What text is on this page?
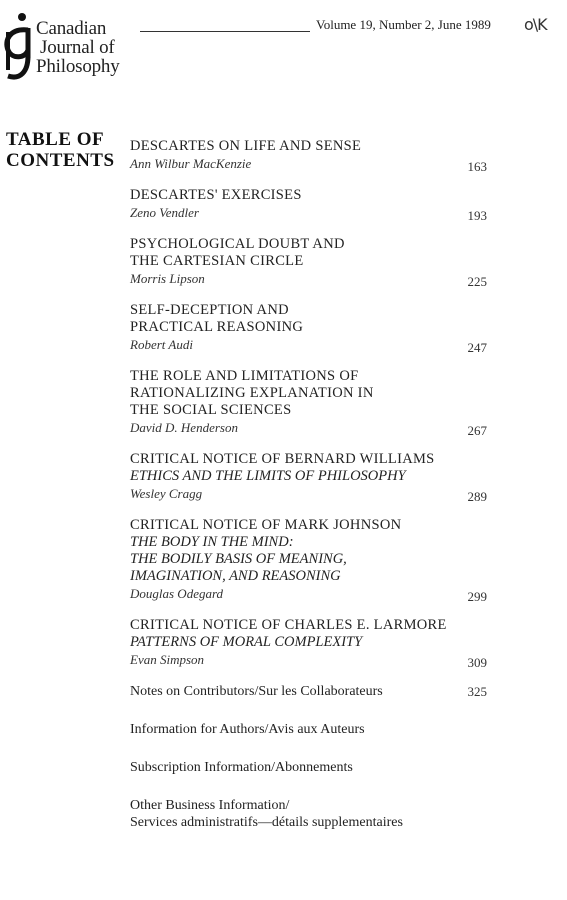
Canadian
Journal of
Philosophy
Volume 19, Number 2, June 1989 o\K
TABLE OF
CONTENTS
DESCARTES ON LIFE AND SENSE
Ann Wilbur MacKenzie	163
DESCARTES' EXERCISES
Zeno Vendler	193
PSYCHOLOGICAL DOUBT AND
THE CARTESIAN CIRCLE
Morris Lipson	225
SELF-DECEPTION AND
PRACTICAL REASONING
Robert Audi	247
THE ROLE AND LIMITATIONS OF
RATIONALIZING EXPLANATION IN
THE SOCIAL SCIENCES
David D. Henderson	267
CRITICAL NOTICE OF BERNARD WILLIAMS
ETHICS AND THE LIMITS OF PHILOSOPHY
Wesley Cragg	289
CRITICAL NOTICE OF MARK JOHNSON
THE BODY IN THE MIND:
THE BODILY BASIS OF MEANING,
IMAGINATION, AND REASONING
Douglas Odegard	299
CRITICAL NOTICE OF CHARLES E. LARMORE
PATTERNS OF MORAL COMPLEXITY
Evan Simpson	309
Notes on Contributors/Sur les Collaborateurs	325
Information for Authors/Avis aux Auteurs
Subscription Information/Abonnements
Other Business Information/
Services administratifs—détails supplementaires
